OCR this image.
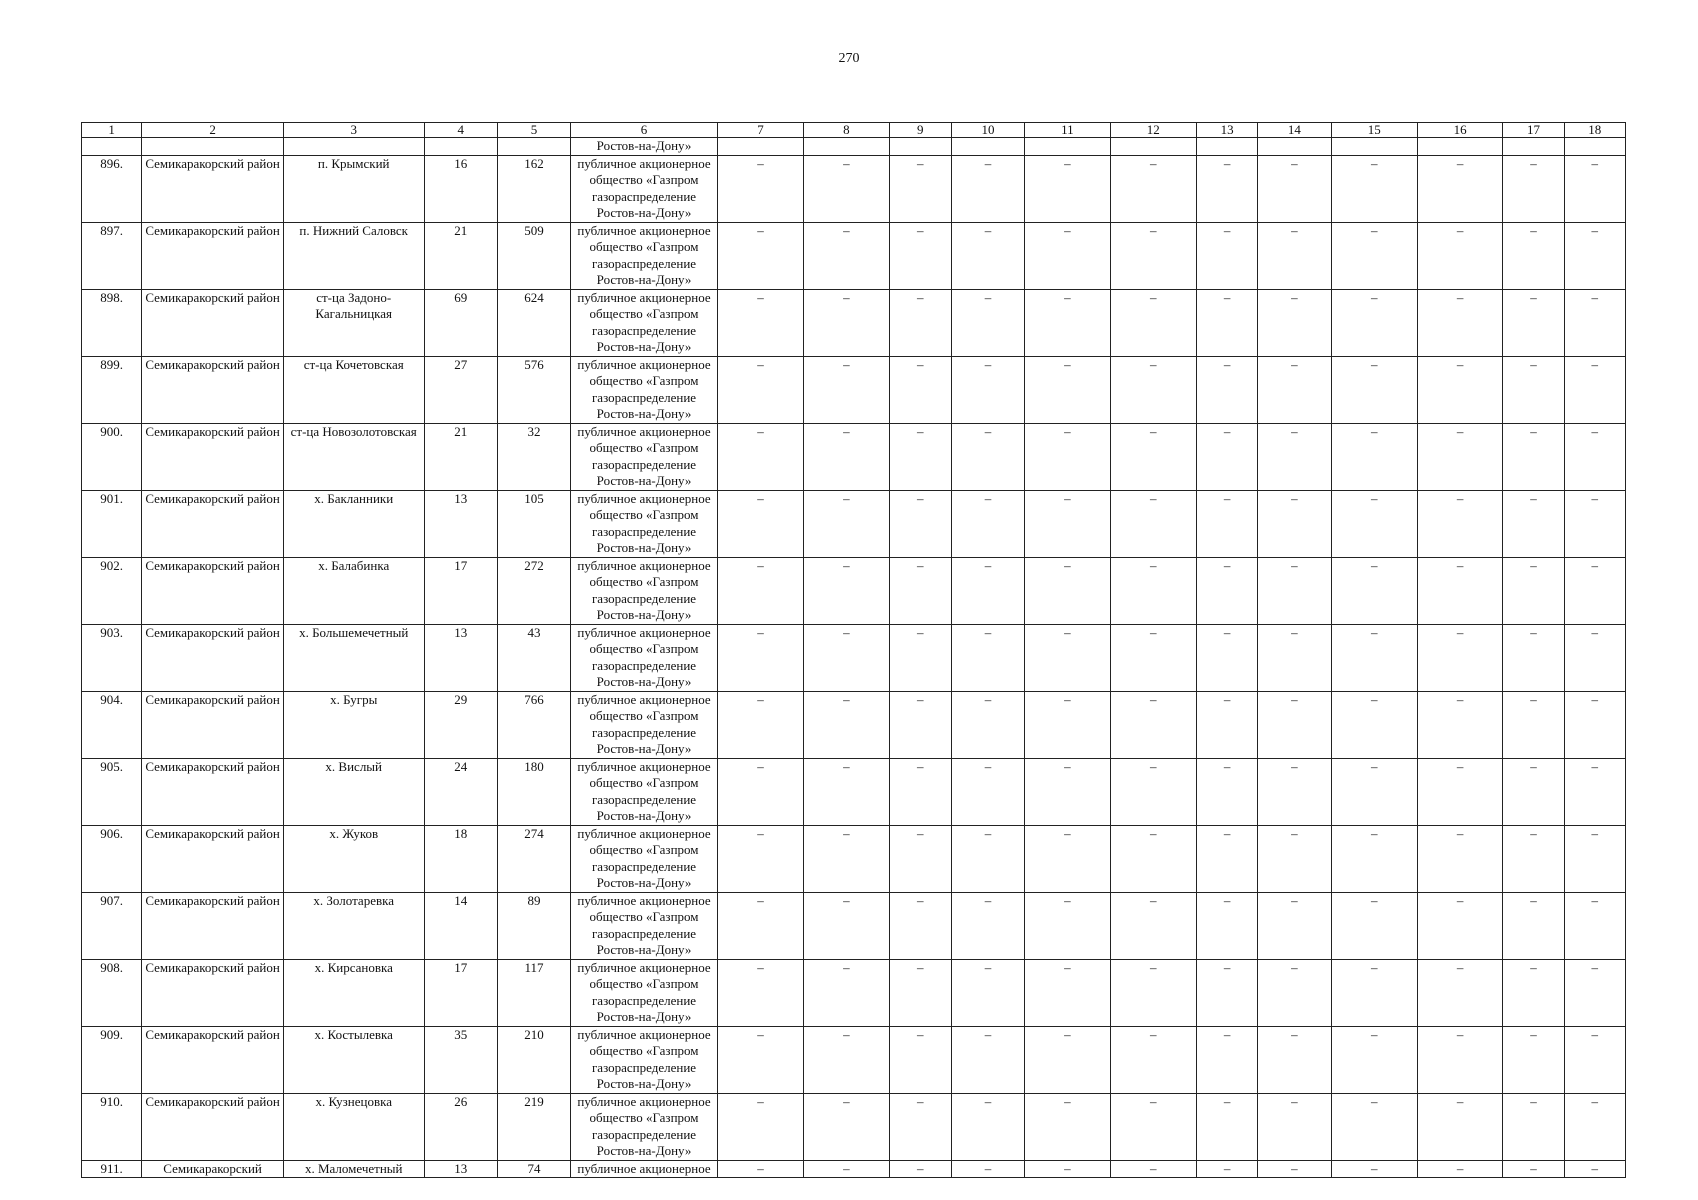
270
1	2	3	4	5	6	7	8	9	10	11	12	13	14	15	16	17	18
					Ростов-на-Дону»												
896.	Семикаракорский район	п. Крымский	16	162	публичное акционерное общество «Газпром газораспределение Ростов-на-Дону»	–	–	–	–	–	–	–	–	–	–	–	–
897.	Семикаракорский район	п. Нижний Саловск	21	509	публичное акционерное общество «Газпром газораспределение Ростов-на-Дону»	–	–	–	–	–	–	–	–	–	–	–	–
898.	Семикаракорский район	ст-ца Задоно-Кагальницкая	69	624	публичное акционерное общество «Газпром газораспределение Ростов-на-Дону»	–	–	–	–	–	–	–	–	–	–	–	–
899.	Семикаракорский район	ст-ца Кочетовская	27	576	публичное акционерное общество «Газпром газораспределение Ростов-на-Дону»	–	–	–	–	–	–	–	–	–	–	–	–
900.	Семикаракорский район	ст-ца Новозолотовская	21	32	публичное акционерное общество «Газпром газораспределение Ростов-на-Дону»	–	–	–	–	–	–	–	–	–	–	–	–
901.	Семикаракорский район	х. Бакланники	13	105	публичное акционерное общество «Газпром газораспределение Ростов-на-Дону»	–	–	–	–	–	–	–	–	–	–	–	–
902.	Семикаракорский район	х. Балабинка	17	272	публичное акционерное общество «Газпром газораспределение Ростов-на-Дону»	–	–	–	–	–	–	–	–	–	–	–	–
903.	Семикаракорский район	х. Большемечетный	13	43	публичное акционерное общество «Газпром газораспределение Ростов-на-Дону»	–	–	–	–	–	–	–	–	–	–	–	–
904.	Семикаракорский район	х. Бугры	29	766	публичное акционерное общество «Газпром газораспределение Ростов-на-Дону»	–	–	–	–	–	–	–	–	–	–	–	–
905.	Семикаракорский район	х. Вислый	24	180	публичное акционерное общество «Газпром газораспределение Ростов-на-Дону»	–	–	–	–	–	–	–	–	–	–	–	–
906.	Семикаракорский район	х. Жуков	18	274	публичное акционерное общество «Газпром газораспределение Ростов-на-Дону»	–	–	–	–	–	–	–	–	–	–	–	–
907.	Семикаракорский район	х. Золотаревка	14	89	публичное акционерное общество «Газпром газораспределение Ростов-на-Дону»	–	–	–	–	–	–	–	–	–	–	–	–
908.	Семикаракорский район	х. Кирсановка	17	117	публичное акционерное общество «Газпром газораспределение Ростов-на-Дону»	–	–	–	–	–	–	–	–	–	–	–	–
909.	Семикаракорский район	х. Костылевка	35	210	публичное акционерное общество «Газпром газораспределение Ростов-на-Дону»	–	–	–	–	–	–	–	–	–	–	–	–
910.	Семикаракорский район	х. Кузнецовка	26	219	публичное акционерное общество «Газпром газораспределение Ростов-на-Дону»	–	–	–	–	–	–	–	–	–	–	–	–
911.	Семикаракорский	х. Маломечетный	13	74	публичное акционерное	–	–	–	–	–	–	–	–	–	–	–	–
